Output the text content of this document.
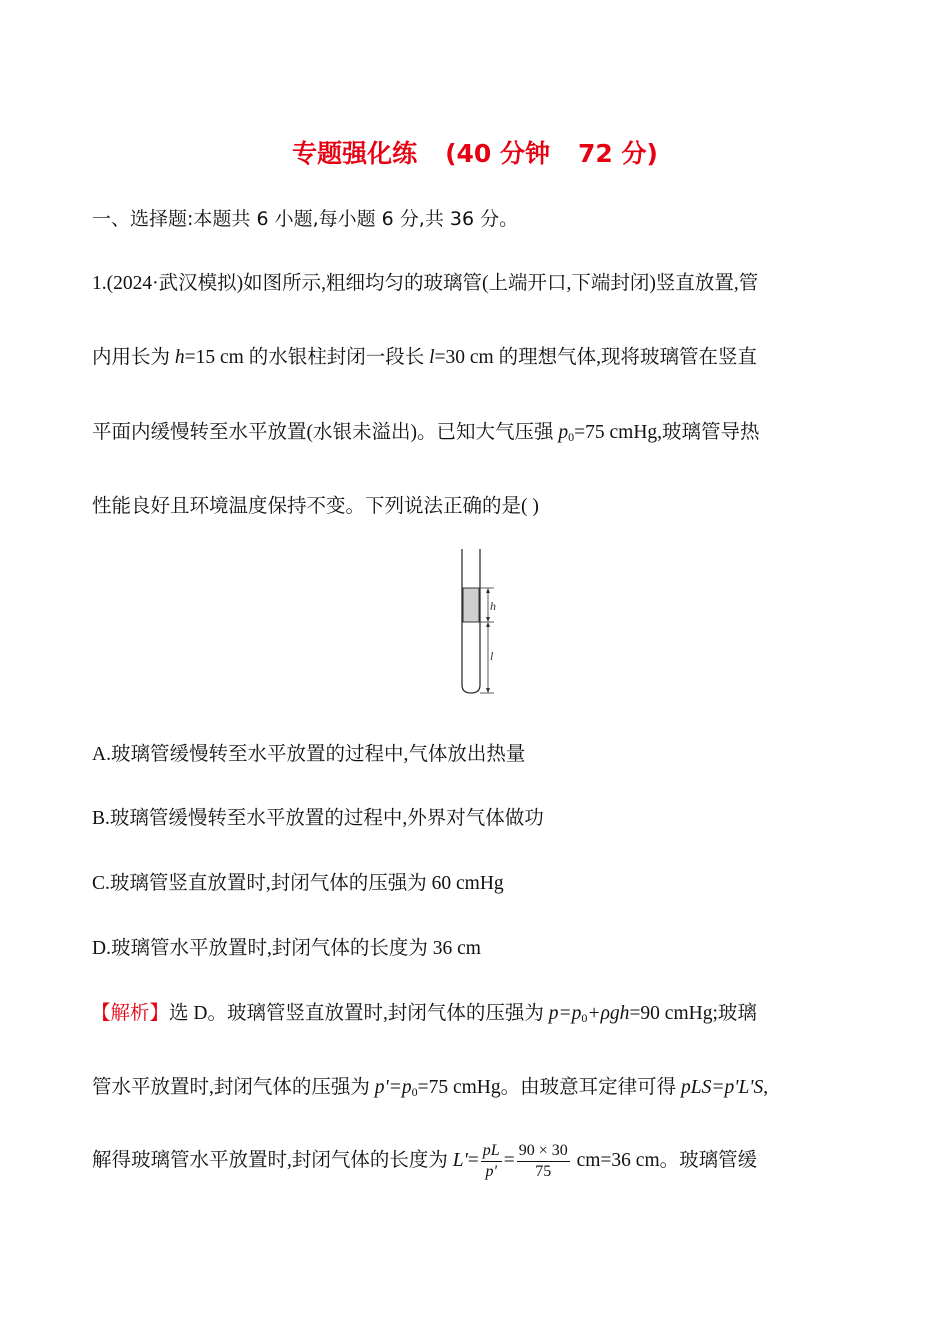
专题强化练 (40 分钟 72 分)
一、选择题:本题共 6 小题,每小题 6 分,共 36 分。
1.(2024·武汉模拟)如图所示,粗细均匀的玻璃管(上端开口,下端封闭)竖直放置,管
内用长为 h=15 cm 的水银柱封闭一段长 l=30 cm 的理想气体,现将玻璃管在竖直
平面内缓慢转至水平放置(水银未溢出)。已知大气压强 $p_0=75$ cmHg,玻璃管导热
性能良好且环境温度保持不变。下列说法正确的是( )
h
l
A.玻璃管缓慢转至水平放置的过程中,气体放出热量
B.玻璃管缓慢转至水平放置的过程中,外界对气体做功
C.玻璃管竖直放置时,封闭气体的压强为 60 cmHg
D.玻璃管水平放置时,封闭气体的长度为 36 cm
【解析】选 D。玻璃管竖直放置时,封闭气体的压强为 $p=p_0+\rho gh=90$ cmHg;玻璃
管水平放置时,封闭气体的压强为 $p'=p_0=75$ cmHg。由玻意耳定律可得 pLS=p'L'S,
解得玻璃管水平放置时,封闭气体的长度为 $L'= \frac{pL}{p'} = \frac{90 \times 30}{75} cm=36$ cm。玻璃管缓
